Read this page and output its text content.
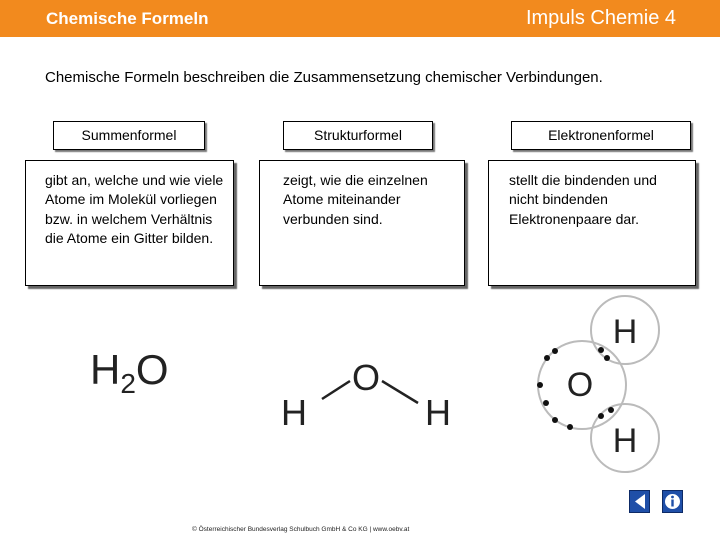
Chemische Formeln	Impuls Chemie 4
Chemische Formeln beschreiben die Zusammensetzung chemischer Verbindungen.
Summenformel
gibt an, welche und wie viele Atome im Molekül vorliegen bzw. in welchem Verhältnis die Atome ein Gitter bilden.
Strukturformel
zeigt, wie die einzelnen Atome miteinander verbunden sind.
Elektronenformel
stellt die bindenden und nicht bindenden Elektronenpaare dar.
$H_2O$	O
H	H
H
O
H
© Österreichischer Bundesverlag Schulbuch GmbH & Co KG | www.oebv.at
